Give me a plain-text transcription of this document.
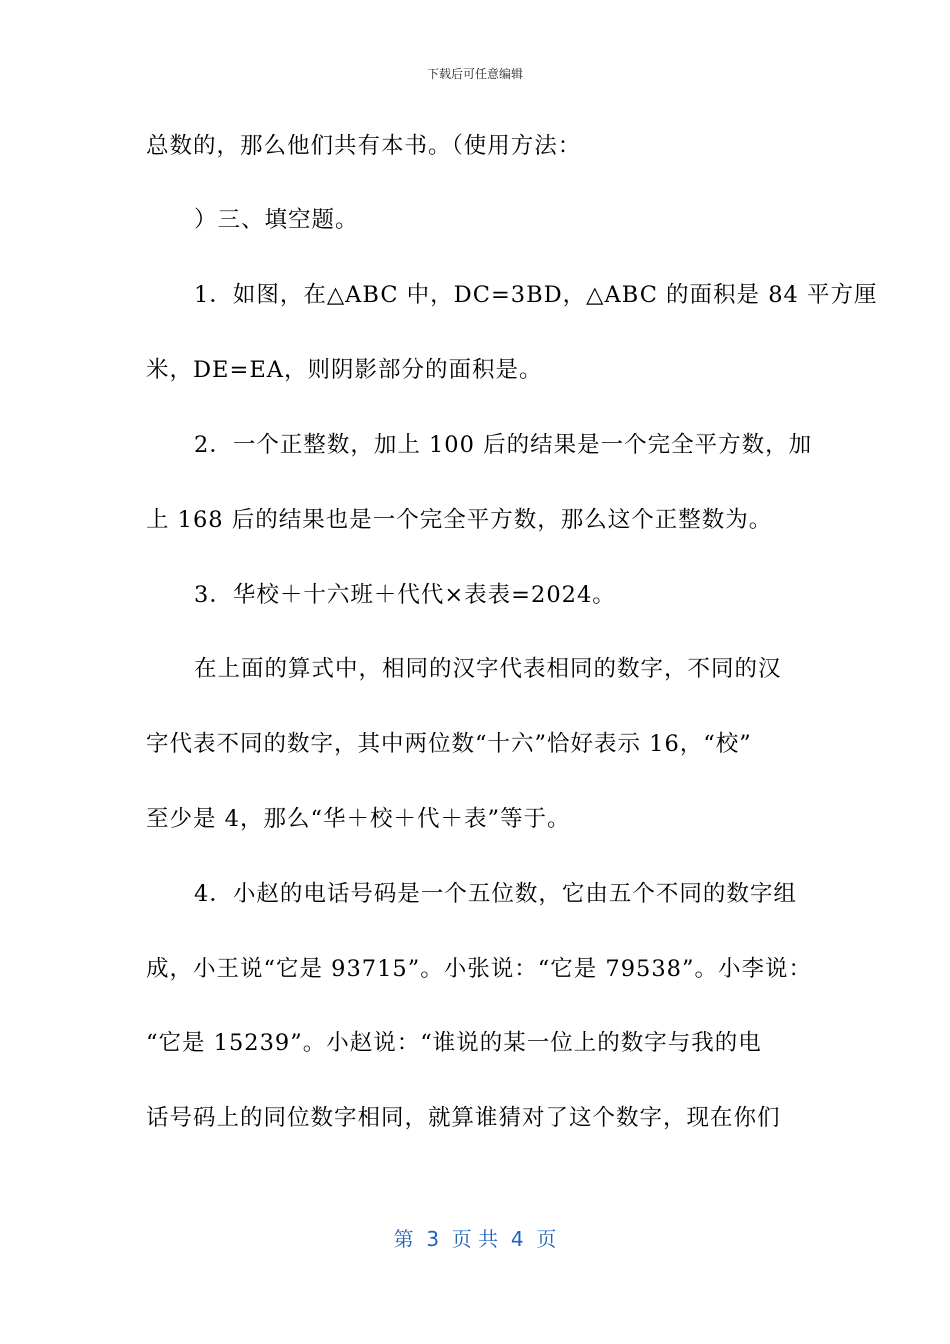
下载后可任意编辑
总数的，那么他们共有本书。（使用方法：
）三、填空题。
1．如图，在△ABC 中，DC=3BD，△ABC 的面积是 84 平方厘
米，DE=EA，则阴影部分的面积是。
2．一个正整数，加上 100 后的结果是一个完全平方数，加
上 168 后的结果也是一个完全平方数，那么这个正整数为。
3．华校＋十六班＋代代×表表=2024。
在上面的算式中，相同的汉字代表相同的数字，不同的汉
字代表不同的数字，其中两位数“十六”恰好表示 16，“校”
至少是 4，那么“华＋校＋代＋表”等于。
4．小赵的电话号码是一个五位数，它由五个不同的数字组
成，小王说“它是 93715”。小张说：“它是 79538”。小李说：
“它是 15239”。小赵说：“谁说的某一位上的数字与我的电
话号码上的同位数字相同，就算谁猜对了这个数字，现在你们
第  3  页 共  4  页
